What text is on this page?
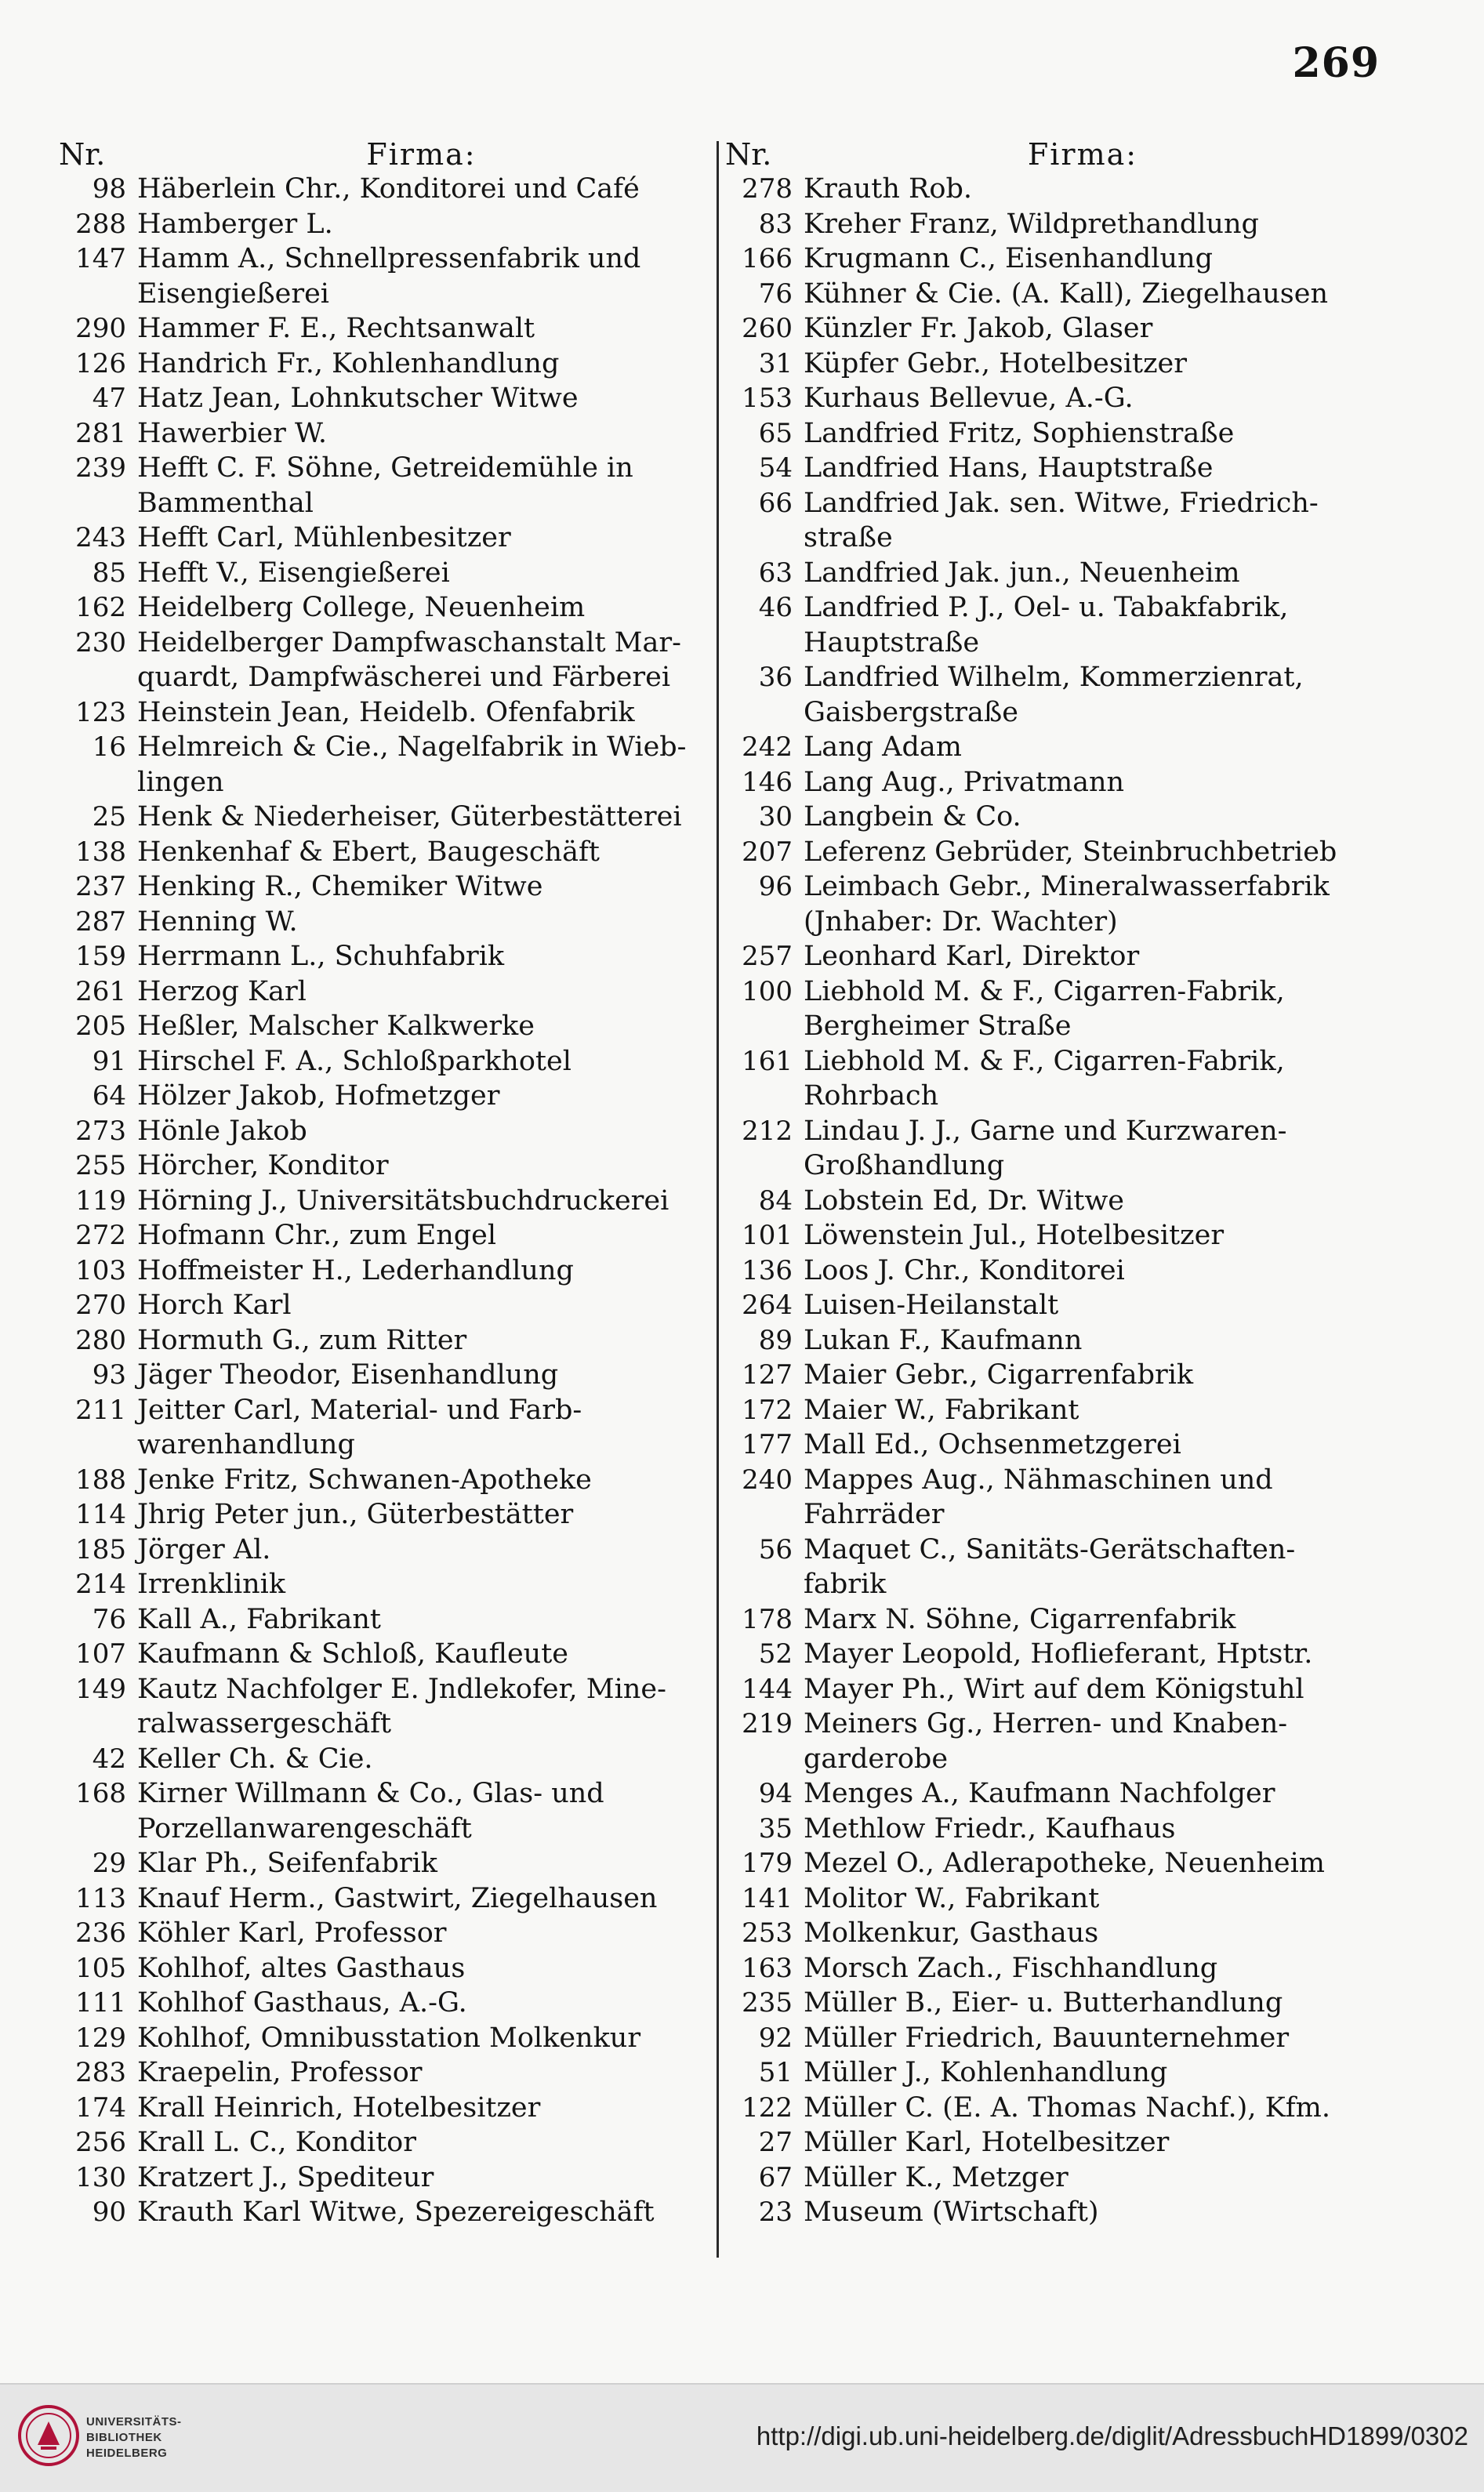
269
Nr.	Firma:
98 Häberlein Chr., Konditorei und Café
288 Hamberger L.
147 Hamm A., Schnellpressenfabrik und
Eisengießerei
290 Hammer F. E., Rechtsanwalt
126 Handrich Fr., Kohlenhandlung
47 Hatz Jean, Lohnkutscher Witwe
281 Hawerbier W.
239 Hefft C. F. Söhne, Getreidemühle in
Bammenthal
243 Hefft Carl, Mühlenbesitzer
85 Hefft V., Eisengießerei
162 Heidelberg College, Neuenheim
230 Heidelberger Dampfwaschanstalt Mar-
quardt, Dampfwäscherei und Färberei
123 Heinstein Jean, Heidelb. Ofenfabrik
16 Helmreich & Cie., Nagelfabrik in Wieb-
lingen
25 Henk & Niederheiser, Güterbestätterei
138 Henkenhaf & Ebert, Baugeschäft
237 Henking R., Chemiker Witwe
287 Henning W.
159 Herrmann L., Schuhfabrik
261 Herzog Karl
205 Heßler, Malscher Kalkwerke
91 Hirschel F. A., Schloßparkhotel
64 Hölzer Jakob, Hofmetzger
273 Hönle Jakob
255 Hörcher, Konditor
119 Hörning J., Universitätsbuchdruckerei
272 Hofmann Chr., zum Engel
103 Hoffmeister H., Lederhandlung
270 Horch Karl
280 Hormuth G., zum Ritter
93 Jäger Theodor, Eisenhandlung
211 Jeitter Carl, Material- und Farb-
warenhandlung
188 Jenke Fritz, Schwanen-Apotheke
114 Jhrig Peter jun., Güterbestätter
185 Jörger Al.
214 Irrenklinik
76 Kall A., Fabrikant
107 Kaufmann & Schloß, Kaufleute
149 Kautz Nachfolger E. Jndlekofer, Mine-
ralwassergeschäft
42 Keller Ch. & Cie.
168 Kirner Willmann & Co., Glas- und
Porzellanwarengeschäft
29 Klar Ph., Seifenfabrik
113 Knauf Herm., Gastwirt, Ziegelhausen
236 Köhler Karl, Professor
105 Kohlhof, altes Gasthaus
111 Kohlhof Gasthaus, A.-G.
129 Kohlhof, Omnibusstation Molkenkur
283 Kraepelin, Professor
174 Krall Heinrich, Hotelbesitzer
256 Krall L. C., Konditor
130 Kratzert J., Spediteur
90 Krauth Karl Witwe, Spezereigeschäft
Nr.	Firma:
278 Krauth Rob.
83 Kreher Franz, Wildprethandlung
166 Krugmann C., Eisenhandlung
76 Kühner & Cie. (A. Kall), Ziegelhausen
260 Künzler Fr. Jakob, Glaser
31 Küpfer Gebr., Hotelbesitzer
153 Kurhaus Bellevue, A.-G.
65 Landfried Fritz, Sophienstraße
54 Landfried Hans, Hauptstraße
66 Landfried Jak. sen. Witwe, Friedrich-
straße
63 Landfried Jak. jun., Neuenheim
46 Landfried P. J., Oel- u. Tabakfabrik,
Hauptstraße
36 Landfried Wilhelm, Kommerzienrat,
Gaisbergstraße
242 Lang Adam
146 Lang Aug., Privatmann
30 Langbein & Co.
207 Leferenz Gebrüder, Steinbruchbetrieb
96 Leimbach Gebr., Mineralwasserfabrik
(Jnhaber: Dr. Wachter)
257 Leonhard Karl, Direktor
100 Liebhold M. & F., Cigarren-Fabrik,
Bergheimer Straße
161 Liebhold M. & F., Cigarren-Fabrik,
Rohrbach
212 Lindau J. J., Garne und Kurzwaren-
Großhandlung
84 Lobstein Ed, Dr. Witwe
101 Löwenstein Jul., Hotelbesitzer
136 Loos J. Chr., Konditorei
264 Luisen-Heilanstalt
89 Lukan F., Kaufmann
127 Maier Gebr., Cigarrenfabrik
172 Maier W., Fabrikant
177 Mall Ed., Ochsenmetzgerei
240 Mappes Aug., Nähmaschinen und
Fahrräder
56 Maquet C., Sanitäts-Gerätschaften-
fabrik
178 Marx N. Söhne, Cigarrenfabrik
52 Mayer Leopold, Hoflieferant, Hptstr.
144 Mayer Ph., Wirt auf dem Königstuhl
219 Meiners Gg., Herren- und Knaben-
garderobe
94 Menges A., Kaufmann Nachfolger
35 Methlow Friedr., Kaufhaus
179 Mezel O., Adlerapotheke, Neuenheim
141 Molitor W., Fabrikant
253 Molkenkur, Gasthaus
163 Morsch Zach., Fischhandlung
235 Müller B., Eier- u. Butterhandlung
92 Müller Friedrich, Bauunternehmer
51 Müller J., Kohlenhandlung
122 Müller C. (E. A. Thomas Nachf.), Kfm.
27 Müller Karl, Hotelbesitzer
67 Müller K., Metzger
23 Museum (Wirtschaft)
UNIVERSITÄTS-
BIBLIOTHEK
HEIDELBERG
http://digi.ub.uni-heidelberg.de/diglit/AdressbuchHD1899/0302
